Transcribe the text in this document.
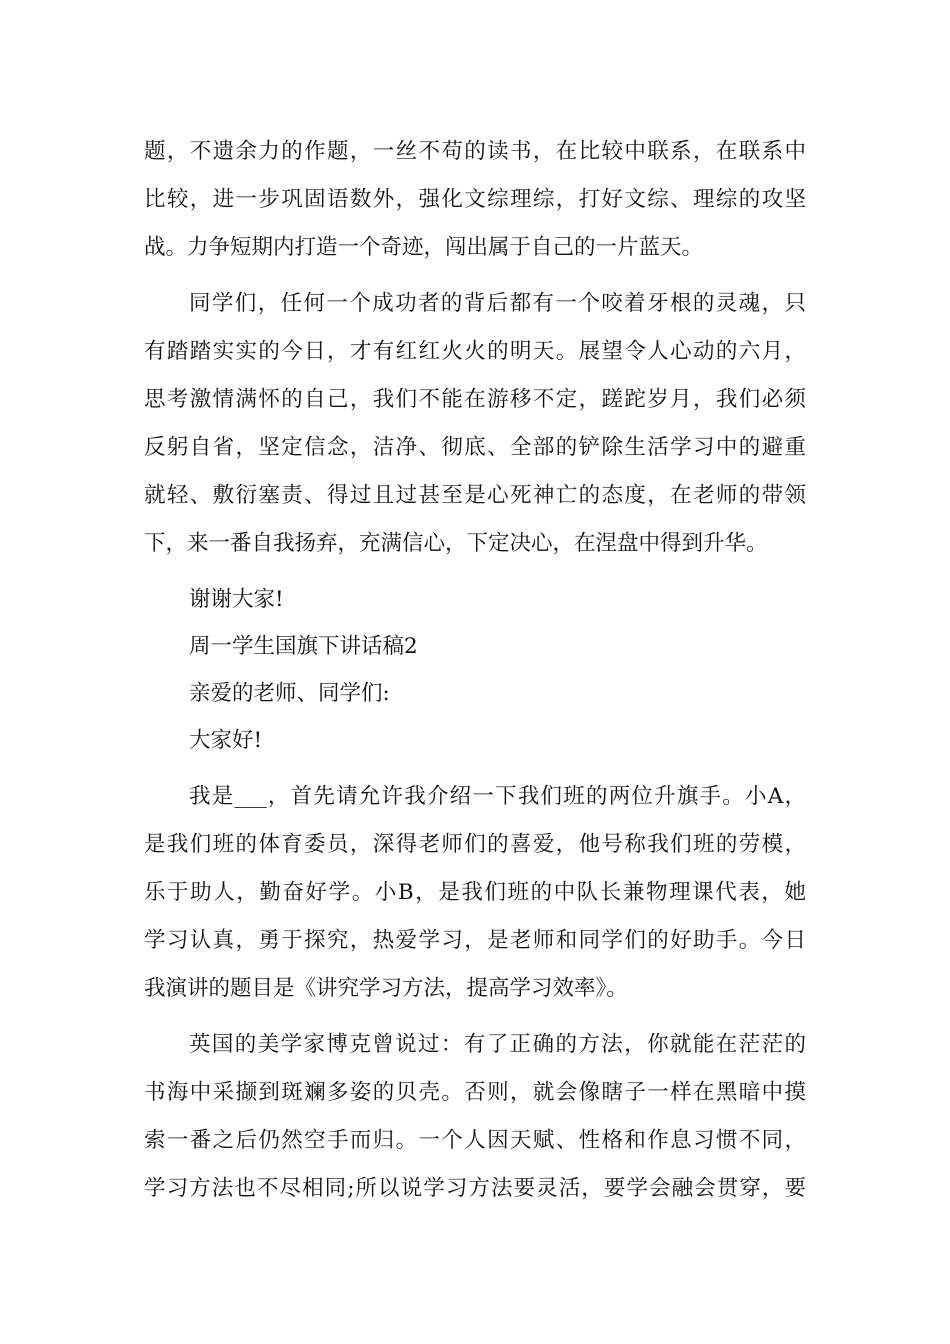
题，不遗余力的作题，一丝不苟的读书，在比较中联系，在联系中
比较，进一步巩固语数外，强化文综理综，打好文综、理综的攻坚
战。力争短期内打造一个奇迹，闯出属于自己的一片蓝天。
同学们，任何一个成功者的背后都有一个咬着牙根的灵魂，只
有踏踏实实的今日，才有红红火火的明天。展望令人心动的六月，
思考激情满怀的自己，我们不能在游移不定，蹉跎岁月，我们必须
反躬自省，坚定信念，洁净、彻底、全部的铲除生活学习中的避重
就轻、敷衍塞责、得过且过甚至是心死神亡的态度，在老师的带领
下，来一番自我扬弃，充满信心，下定决心，在涅盘中得到升华。
谢谢大家!
周一学生国旗下讲话稿2
亲爱的老师、同学们:
大家好!
我是___，首先请允许我介绍一下我们班的两位升旗手。小A，
是我们班的体育委员，深得老师们的喜爱，他号称我们班的劳模，
乐于助人，勤奋好学。小B，是我们班的中队长兼物理课代表，她
学习认真，勇于探究，热爱学习，是老师和同学们的好助手。今日
我演讲的题目是《讲究学习方法，提高学习效率》。
英国的美学家博克曾说过：有了正确的方法，你就能在茫茫的
书海中采撷到斑斓多姿的贝壳。否则，就会像瞎子一样在黑暗中摸
索一番之后仍然空手而归。一个人因天赋、性格和作息习惯不同，
学习方法也不尽相同;所以说学习方法要灵活，要学会融会贯穿，要
